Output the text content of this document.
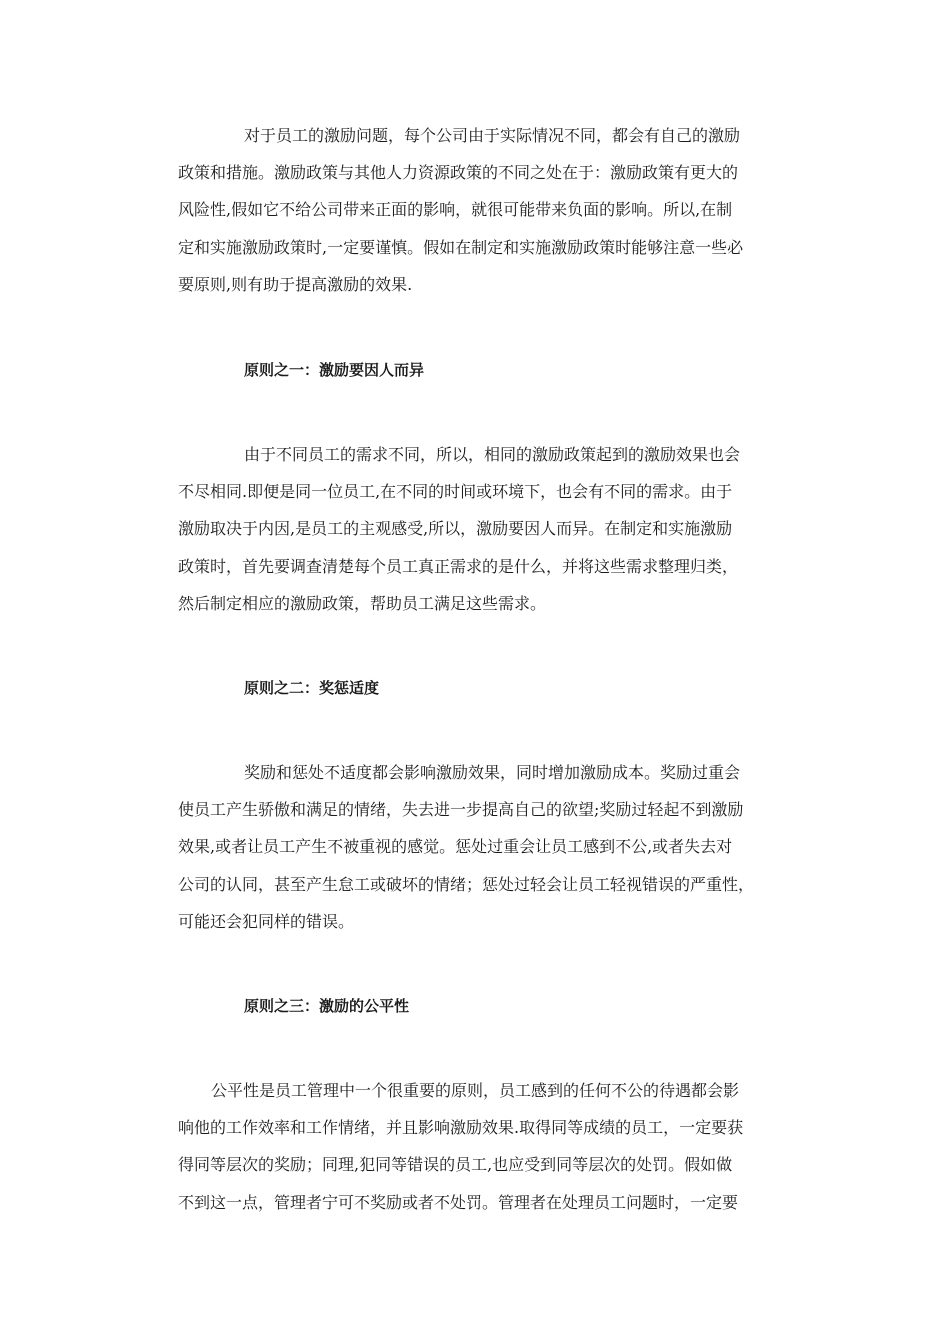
对于员工的激励问题，每个公司由于实际情况不同，都会有自己的激励
政策和措施。激励政策与其他人力资源政策的不同之处在于：激励政策有更大的
风险性,假如它不给公司带来正面的影响，就很可能带来负面的影响。所以,在制
定和实施激励政策时,一定要谨慎。假如在制定和实施激励政策时能够注意一些必
要原则,则有助于提高激励的效果.
原则之一：激励要因人而异
由于不同员工的需求不同，所以，相同的激励政策起到的激励效果也会
不尽相同.即便是同一位员工,在不同的时间或环境下，也会有不同的需求。由于
激励取决于内因,是员工的主观感受,所以，激励要因人而异。在制定和实施激励
政策时，首先要调查清楚每个员工真正需求的是什么，并将这些需求整理归类，
然后制定相应的激励政策，帮助员工满足这些需求。
原则之二：奖惩适度
奖励和惩处不适度都会影响激励效果，同时增加激励成本。奖励过重会
使员工产生骄傲和满足的情绪，失去进一步提高自己的欲望;奖励过轻起不到激励
效果,或者让员工产生不被重视的感觉。惩处过重会让员工感到不公,或者失去对
公司的认同，甚至产生怠工或破坏的情绪；惩处过轻会让员工轻视错误的严重性，
可能还会犯同样的错误。
原则之三：激励的公平性
公平性是员工管理中一个很重要的原则，员工感到的任何不公的待遇都会影
响他的工作效率和工作情绪，并且影响激励效果.取得同等成绩的员工，一定要获
得同等层次的奖励；同理,犯同等错误的员工,也应受到同等层次的处罚。假如做
不到这一点，管理者宁可不奖励或者不处罚。管理者在处理员工问题时，一定要
